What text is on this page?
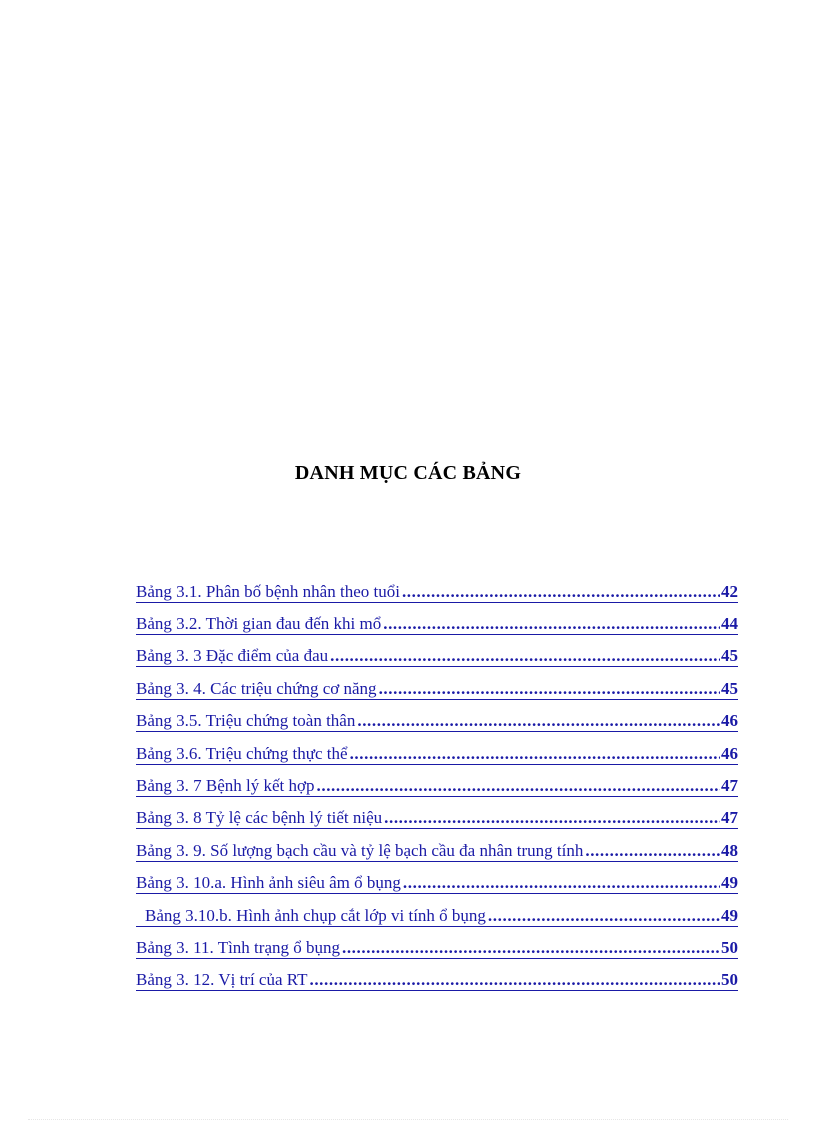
DANH MỤC CÁC BẢNG
Bảng 3.1. Phân bố bệnh nhân theo tuổi .....	42
Bảng 3.2. Thời gian đau đến khi mổ .....	44
Bảng 3. 3 Đặc điểm của đau .....	45
Bảng 3. 4. Các triệu chứng cơ năng .....	45
Bảng 3.5. Triệu chứng toàn thân .....	46
Bảng 3.6. Triệu chứng thực thể .....	46
Bảng 3. 7 Bệnh lý kết hợp .....	47
Bảng 3. 8 Tỷ lệ các bệnh lý tiết niệu .....	47
Bảng 3. 9. Số lượng bạch cầu và tỷ lệ bạch cầu đa nhân trung tính .....	48
Bảng 3. 10.a. Hình ảnh siêu âm ổ bụng .....	49
Bảng 3.10.b. Hình ảnh chụp cắt lớp vi tính ổ bụng .....	49
Bảng 3. 11. Tình trạng ổ bụng .....	50
Bảng 3. 12. Vị trí của RT .....	50
